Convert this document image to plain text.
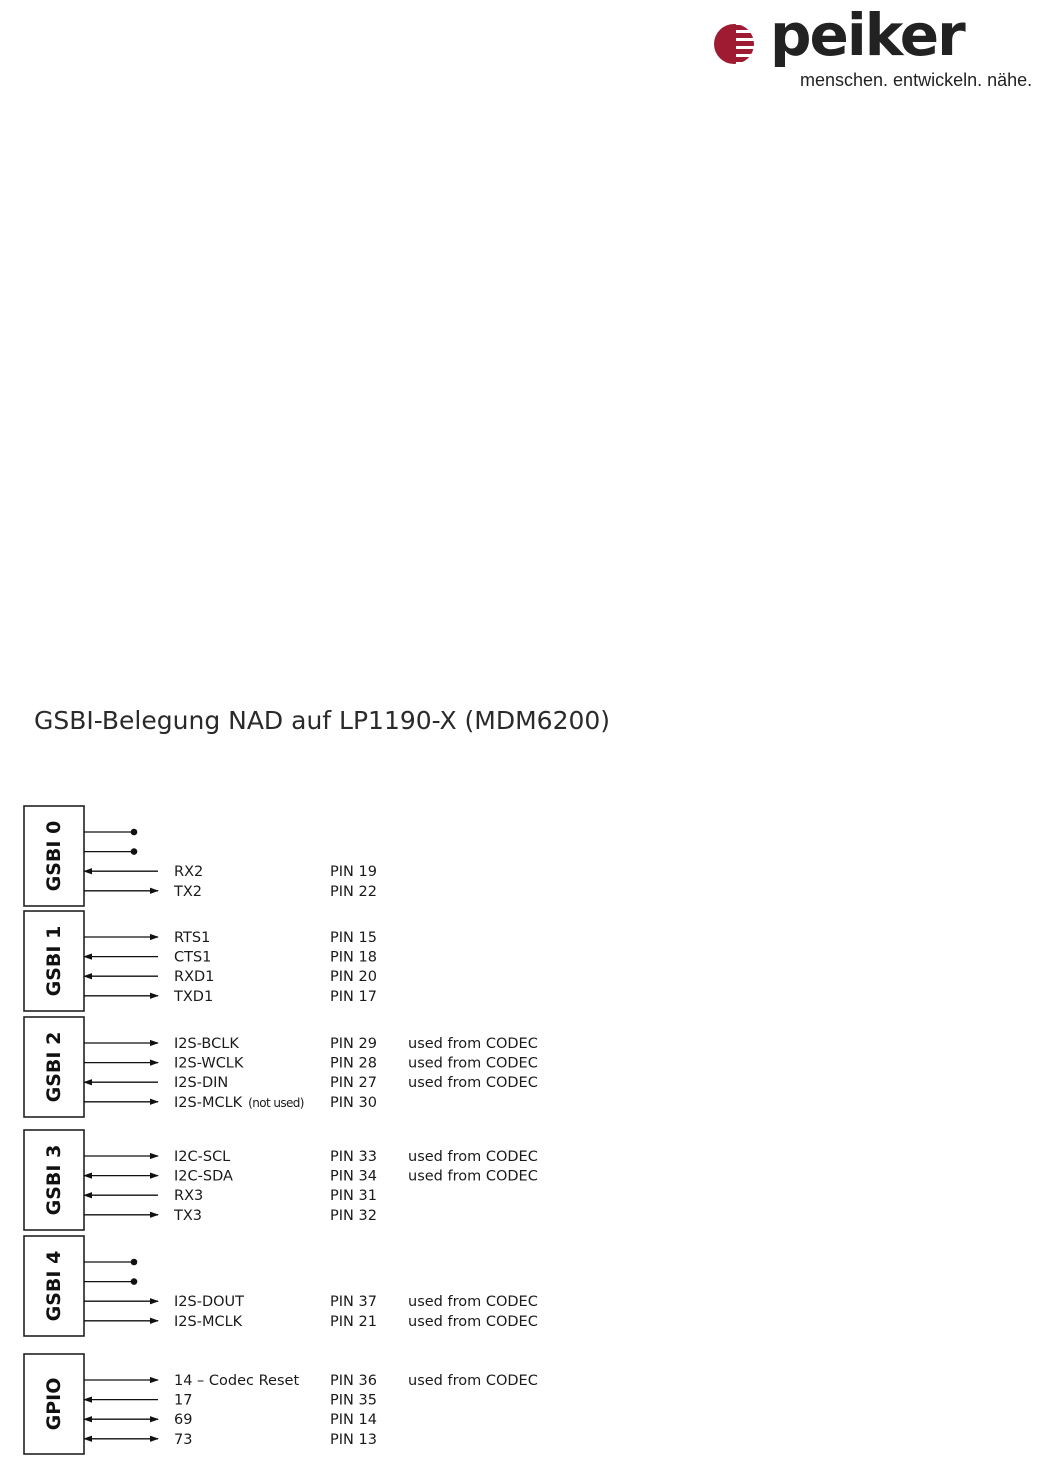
peiker
menschen. entwickeln. nähe.
GSBI-Belegung NAD auf LP1190-X (MDM6200)
GSBI 0	RX2	PIN 19
TX2	PIN 22
GSBI 1	RTS1	PIN 15
CTS1	PIN 18
RXD1	PIN 20
TXD1	PIN 17
GSBI 2	I2S-BCLK	PIN 29 used from CODEC
I2S-WCLK	PIN 28 used from CODEC
I2S-DIN	PIN 27 used from CODEC
I2S-MCLK (not used) PIN 30
GSBI 3	I2C-SCL	PIN 33 used from CODEC
I2C-SDA	PIN 34 used from CODEC
RX3	PIN 31
TX3	PIN 32
GSBI 4	I2S-DOUT	PIN 37 used from CODEC
I2S-MCLK	PIN 21 used from CODEC
GPIO	14 – Codec Reset PIN 36 used from CODEC
17	PIN 35
69	PIN 14
73	PIN 13
